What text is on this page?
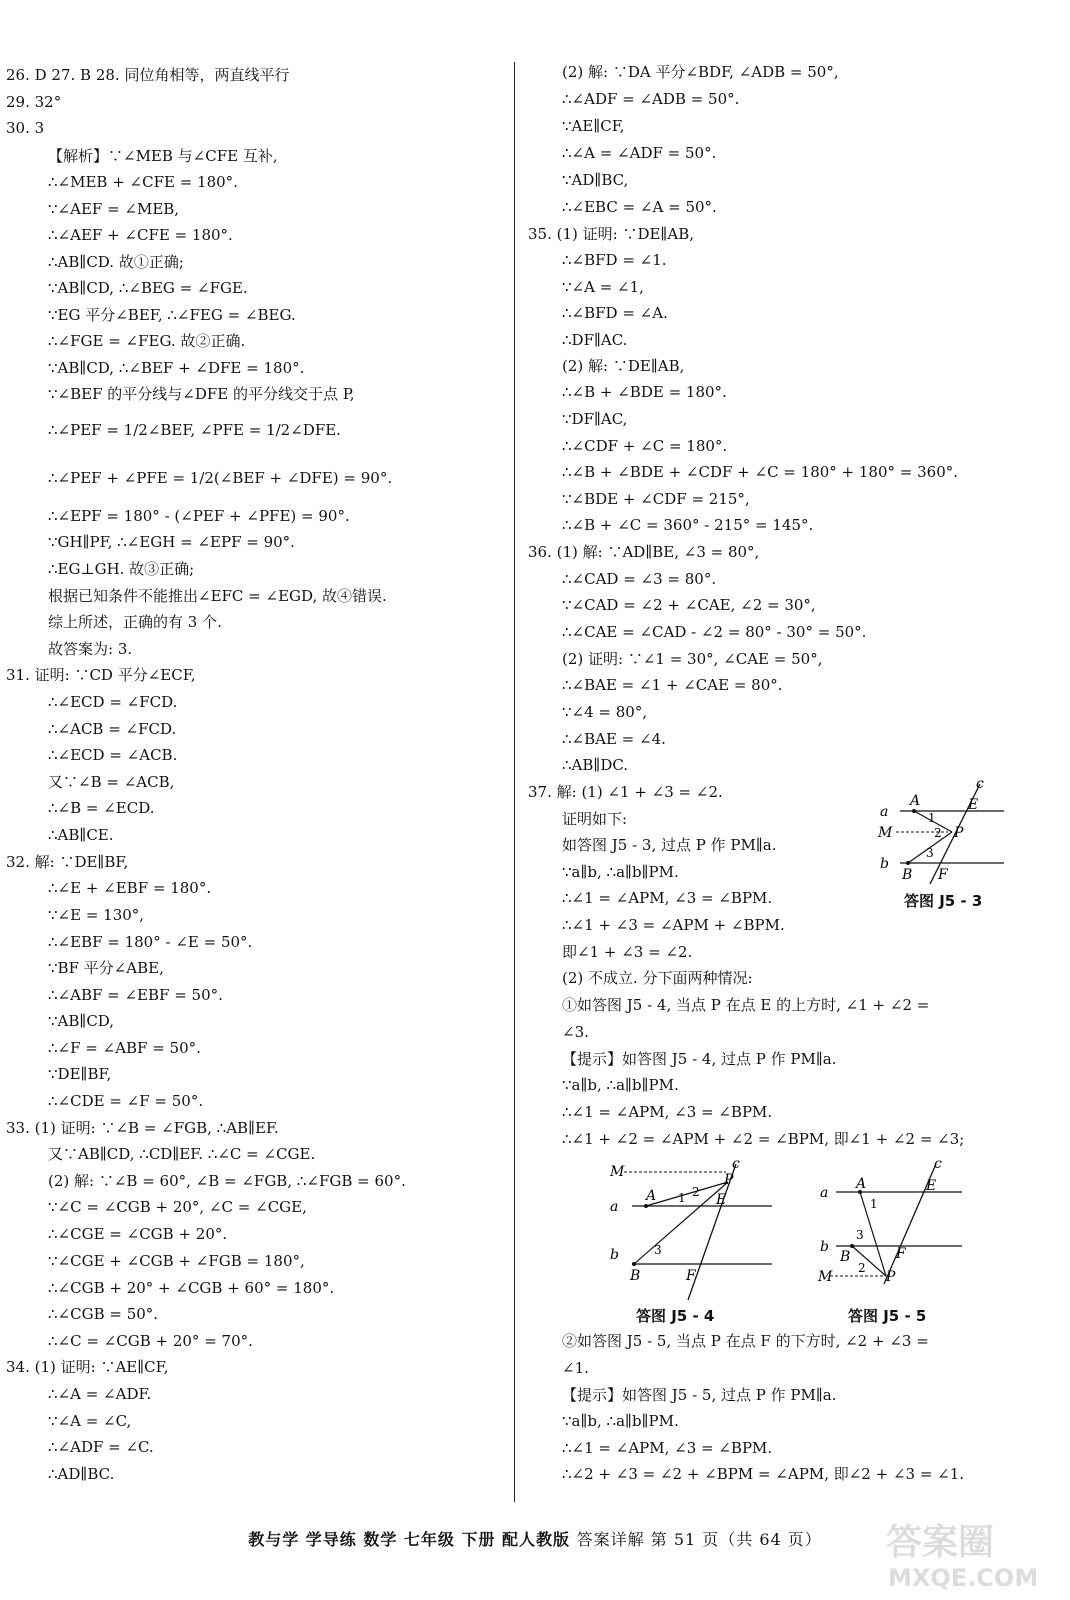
26. D 27. B 28. 同位角相等，两直线平行
29. 32°
30. 3
【解析】∵∠MEB 与∠CFE 互补,
∴∠MEB + ∠CFE = 180°.
∵∠AEF = ∠MEB,
∴∠AEF + ∠CFE = 180°.
∴AB∥CD. 故①正确;
∵AB∥CD, ∴∠BEG = ∠FGE.
∵EG 平分∠BEF, ∴∠FEG = ∠BEG.
∴∠FGE = ∠FEG. 故②正确.
∵AB∥CD, ∴∠BEF + ∠DFE = 180°.
∵∠BEF 的平分线与∠DFE 的平分线交于点 P,
∴∠PEF = 1/2∠BEF, ∠PFE = 1/2∠DFE.
∴∠PEF + ∠PFE = 1/2(∠BEF + ∠DFE) = 90°.
∴∠EPF = 180° - (∠PEF + ∠PFE) = 90°.
∵GH∥PF, ∴∠EGH = ∠EPF = 90°.
∴EG⊥GH. 故③正确;
根据已知条件不能推出∠EFC = ∠EGD, 故④错误.
综上所述，正确的有 3 个.
故答案为: 3.
31. 证明: ∵CD 平分∠ECF,
∴∠ECD = ∠FCD.
∴∠ACB = ∠FCD.
∴∠ECD = ∠ACB.
又∵∠B = ∠ACB,
∴∠B = ∠ECD.
∴AB∥CE.
32. 解: ∵DE∥BF,
∴∠E + ∠EBF = 180°.
∵∠E = 130°,
∴∠EBF = 180° - ∠E = 50°.
∵BF 平分∠ABE,
∴∠ABF = ∠EBF = 50°.
∵AB∥CD,
∴∠F = ∠ABF = 50°.
∵DE∥BF,
∴∠CDE = ∠F = 50°.
33. (1) 证明: ∵∠B = ∠FGB, ∴AB∥EF.
又∵AB∥CD, ∴CD∥EF. ∴∠C = ∠CGE.
(2) 解: ∵∠B = 60°, ∠B = ∠FGB, ∴∠FGB = 60°.
∵∠C = ∠CGB + 20°, ∠C = ∠CGE,
∴∠CGE = ∠CGB + 20°.
∵∠CGE + ∠CGB + ∠FGB = 180°,
∴∠CGB + 20° + ∠CGB + 60° = 180°.
∴∠CGB = 50°.
∴∠C = ∠CGB + 20° = 70°.
34. (1) 证明: ∵AE∥CF,
∴∠A = ∠ADF.
∵∠A = ∠C,
∴∠ADF = ∠C.
∴AD∥BC.
(2) 解: ∵DA 平分∠BDF, ∠ADB = 50°,
∴∠ADF = ∠ADB = 50°.
∵AE∥CF,
∴∠A = ∠ADF = 50°.
∵AD∥BC,
∴∠EBC = ∠A = 50°.
35. (1) 证明: ∵DE∥AB,
∴∠BFD = ∠1.
∵∠A = ∠1,
∴∠BFD = ∠A.
∴DF∥AC.
(2) 解: ∵DE∥AB,
∴∠B + ∠BDE = 180°.
∵DF∥AC,
∴∠CDF + ∠C = 180°.
∴∠B + ∠BDE + ∠CDF + ∠C = 180° + 180° = 360°.
∵∠BDE + ∠CDF = 215°,
∴∠B + ∠C = 360° - 215° = 145°.
36. (1) 解: ∵AD∥BE, ∠3 = 80°,
∴∠CAD = ∠3 = 80°.
∵∠CAD = ∠2 + ∠CAE, ∠2 = 30°,
∴∠CAE = ∠CAD - ∠2 = 80° - 30° = 50°.
(2) 证明: ∵∠1 = 30°, ∠CAE = 50°,
∴∠BAE = ∠1 + ∠CAE = 80°.
∵∠4 = 80°,
∴∠BAE = ∠4.
∴AB∥DC.
37. 解: (1) ∠1 + ∠3 = ∠2.
证明如下:
如答图 J5 - 3, 过点 P 作 PM∥a.
∵a∥b, ∴a∥b∥PM.
∴∠1 = ∠APM, ∠3 = ∠BPM.
∴∠1 + ∠3 = ∠APM + ∠BPM.
即∠1 + ∠3 = ∠2.
(2) 不成立. 分下面两种情况:
①如答图 J5 - 4, 当点 P 在点 E 的上方时, ∠1 + ∠2 =
∠3.
【提示】如答图 J5 - 4, 过点 P 作 PM∥a.
∵a∥b, ∴a∥b∥PM.
∴∠1 = ∠APM, ∠3 = ∠BPM.
∴∠1 + ∠2 = ∠APM + ∠2 = ∠BPM, 即∠1 + ∠2 = ∠3;
②如答图 J5 - 5, 当点 P 在点 F 的下方时, ∠2 + ∠3 =
∠1.
【提示】如答图 J5 - 5, 过点 P 作 PM∥a.
∵a∥b, ∴a∥b∥PM.
∴∠1 = ∠APM, ∠3 = ∠BPM.
∴∠2 + ∠3 = ∠2 + ∠BPM = ∠APM, 即∠2 + ∠3 = ∠1.
c
a
A
1
E
M	2 P
b
3
B F
答图 J5 - 3
M	c
P
a
A 1 2 E
b	3
B	F
答图 J5 - 4
c
a
A	E
1
b
3
B	F
M
2
P
答图 J5 - 5
教与学 学导练 数学 七年级 下册 配人教版 答案详解 第 51 页（共 64 页）	答案圈
MXQE.COM
